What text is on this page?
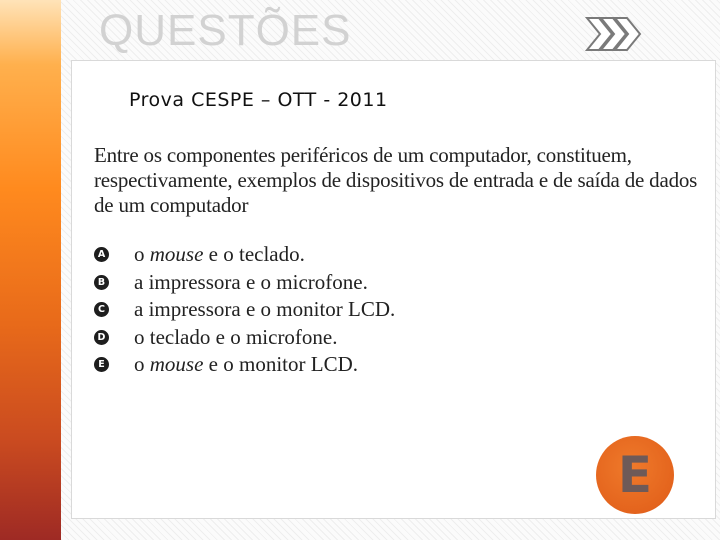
QUESTÕES
Prova CESPE – OTT - 2011
Entre os componentes periféricos de um computador, constituem, respectivamente, exemplos de dispositivos de entrada e de saída de dados de um computador
A o mouse e o teclado.
B a impressora e o microfone.
C a impressora e o monitor LCD.
D o teclado e o microfone.
E o mouse e o monitor LCD.
E
